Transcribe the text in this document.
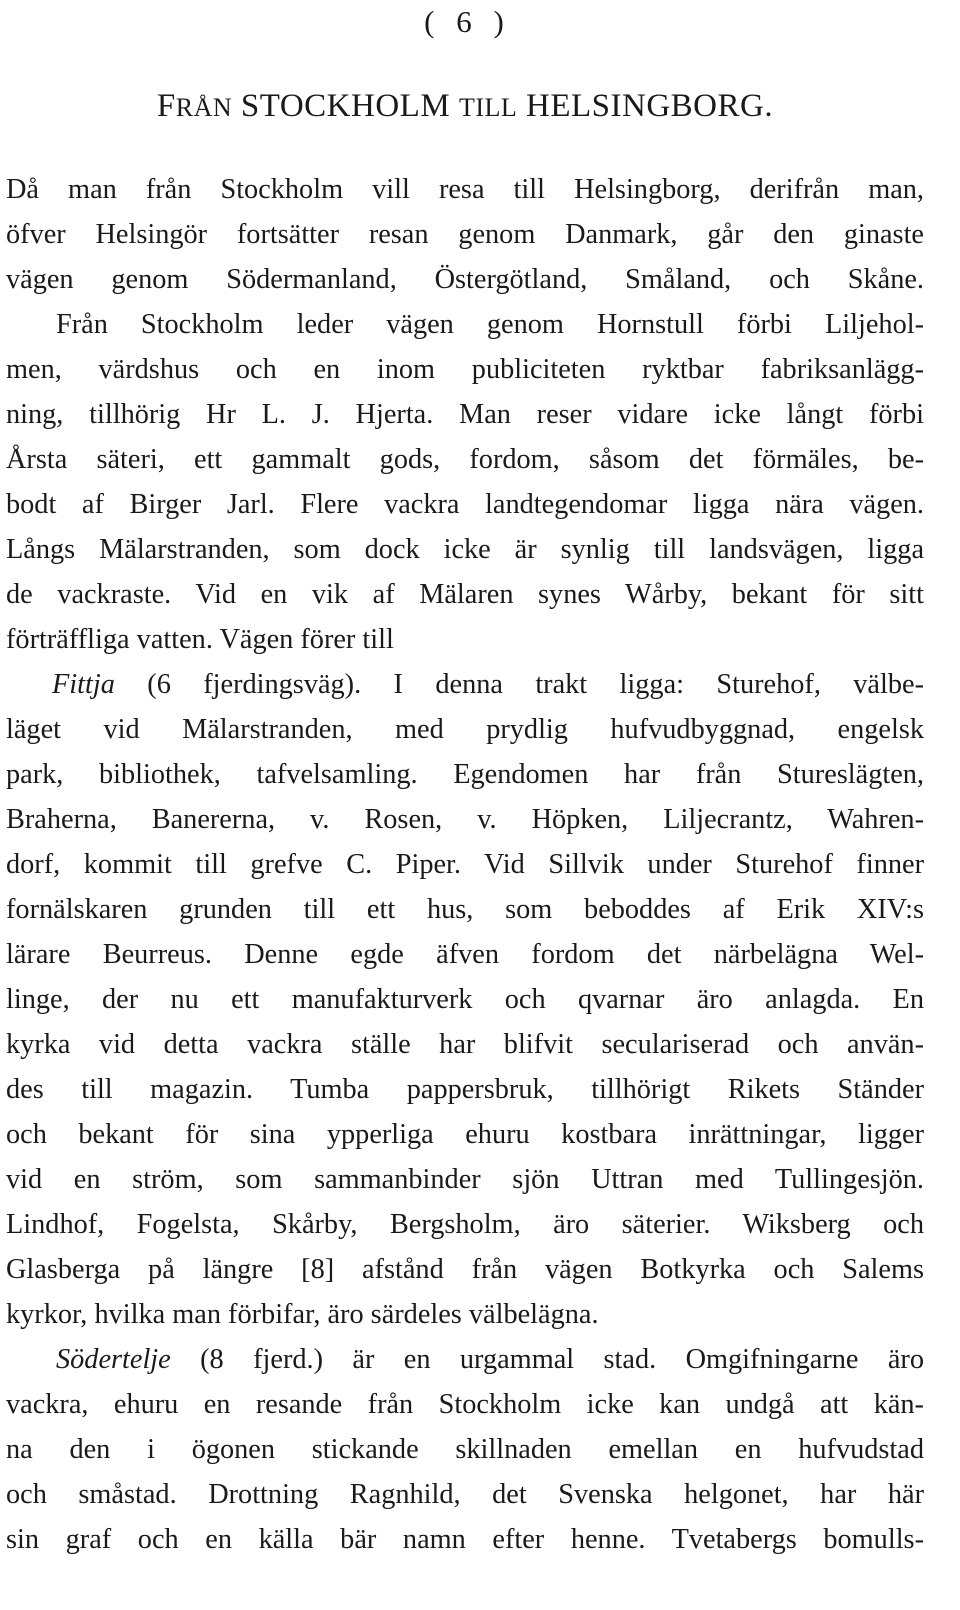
( 6 )
FRÅN STOCKHOLM TILL HELSINGBORG.
Då man från Stockholm vill resa till Helsingborg, derifrån man,
öfver Helsingör fortsätter resan genom Danmark, går den ginaste
vägen genom Södermanland, Östergötland, Småland, och Skåne.
Från Stockholm leder vägen genom Hornstull förbi Liljehol-
men, värdshus och en inom publiciteten ryktbar fabriksanlägg-
ning, tillhörig Hr L. J. Hjerta. Man reser vidare icke långt förbi
Årsta säteri, ett gammalt gods, fordom, såsom det förmäles, be-
bodt af Birger Jarl. Flere vackra landtegendomar ligga nära vägen.
Långs Mälarstranden, som dock icke är synlig till landsvägen, ligga
de vackraste. Vid en vik af Mälaren synes Wårby, bekant för sitt
förträffliga vatten. Vägen förer till
Fittja (6 fjerdingsväg). I denna trakt ligga: Sturehof, välbe-
läget vid Mälarstranden, med prydlig hufvudbyggnad, engelsk
park, bibliothek, tafvelsamling. Egendomen har från Stureslägten,
Braherna, Banererna, v. Rosen, v. Höpken, Liljecrantz, Wahren-
dorf, kommit till grefve C. Piper. Vid Sillvik under Sturehof finner
fornälskaren grunden till ett hus, som beboddes af Erik XIV:s
lärare Beurreus. Denne egde äfven fordom det närbelägna Wel-
linge, der nu ett manufakturverk och qvarnar äro anlagda. En
kyrka vid detta vackra ställe har blifvit seculariserad och använ-
des till magazin. Tumba pappersbruk, tillhörigt Rikets Ständer
och bekant för sina ypperliga ehuru kostbara inrättningar, ligger
vid en ström, som sammanbinder sjön Uttran med Tullingesjön.
Lindhof, Fogelsta, Skårby, Bergsholm, äro säterier. Wiksberg och
Glasberga på längre [8] afstånd från vägen Botkyrka och Salems
kyrkor, hvilka man förbifar, äro särdeles välbelägna.
Södertelje (8 fjerd.) är en urgammal stad. Omgifningarne äro
vackra, ehuru en resande från Stockholm icke kan undgå att kän-
na den i ögonen stickande skillnaden emellan en hufvudstad
och småstad. Drottning Ragnhild, det Svenska helgonet, har här
sin graf och en källa bär namn efter henne. Tvetabergs bomulls-
